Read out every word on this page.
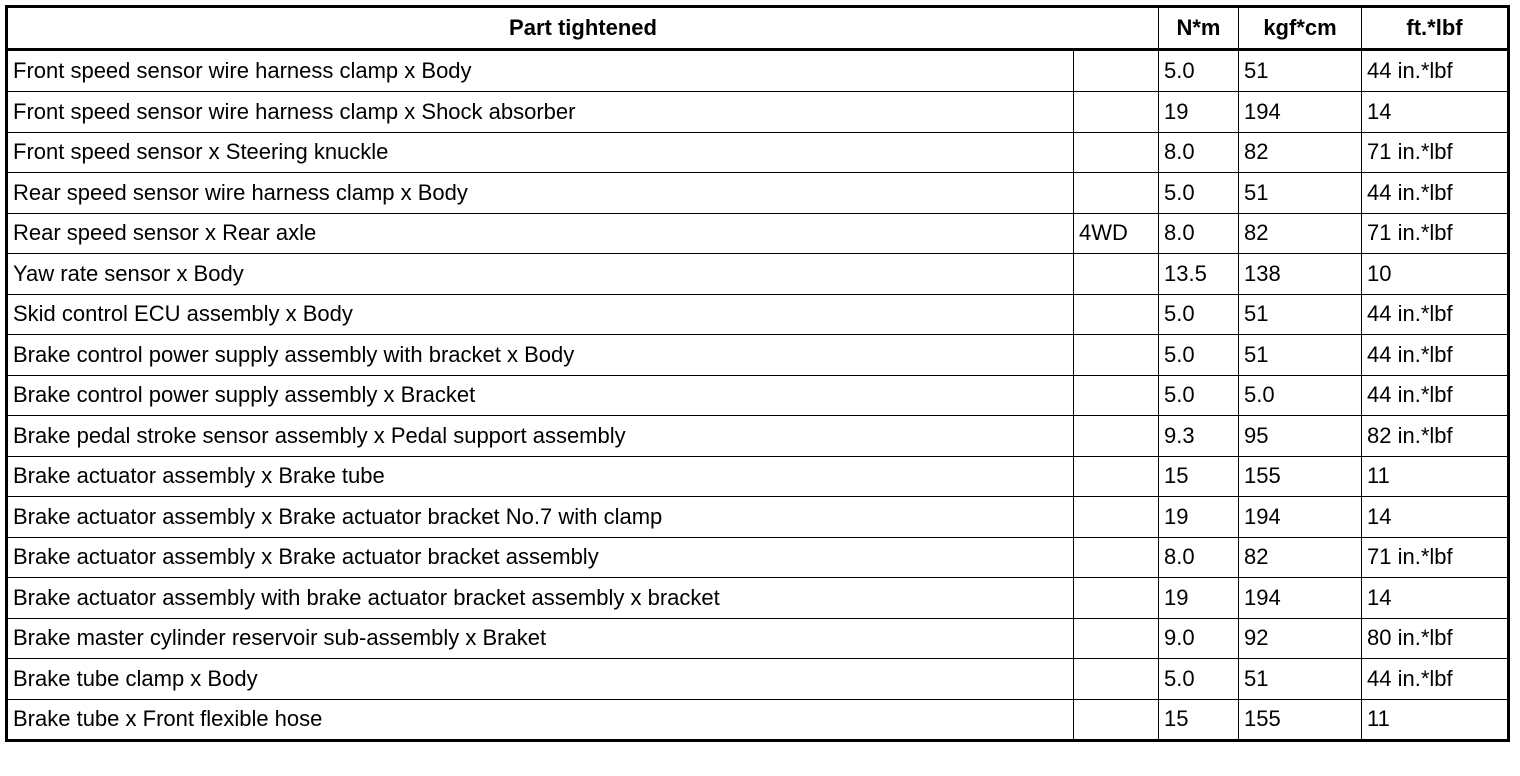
Part tightened		N*m	kgf*cm	ft.*lbf
Front speed sensor wire harness clamp x Body		5.0	51	44 in.*lbf
Front speed sensor wire harness clamp x Shock absorber		19	194	14
Front speed sensor x Steering knuckle		8.0	82	71 in.*lbf
Rear speed sensor wire harness clamp x Body		5.0	51	44 in.*lbf
Rear speed sensor x Rear axle	4WD	8.0	82	71 in.*lbf
Yaw rate sensor x Body		13.5	138	10
Skid control ECU assembly x Body		5.0	51	44 in.*lbf
Brake control power supply assembly with bracket x Body		5.0	51	44 in.*lbf
Brake control power supply assembly x Bracket		5.0	5.0	44 in.*lbf
Brake pedal stroke sensor assembly x Pedal support assembly		9.3	95	82 in.*lbf
Brake actuator assembly x Brake tube		15	155	11
Brake actuator assembly x Brake actuator bracket No.7 with clamp		19	194	14
Brake actuator assembly x Brake actuator bracket assembly		8.0	82	71 in.*lbf
Brake actuator assembly with brake actuator bracket assembly x bracket		19	194	14
Brake master cylinder reservoir sub-assembly x Braket		9.0	92	80 in.*lbf
Brake tube clamp x Body		5.0	51	44 in.*lbf
Brake tube x Front flexible hose		15	155	11
